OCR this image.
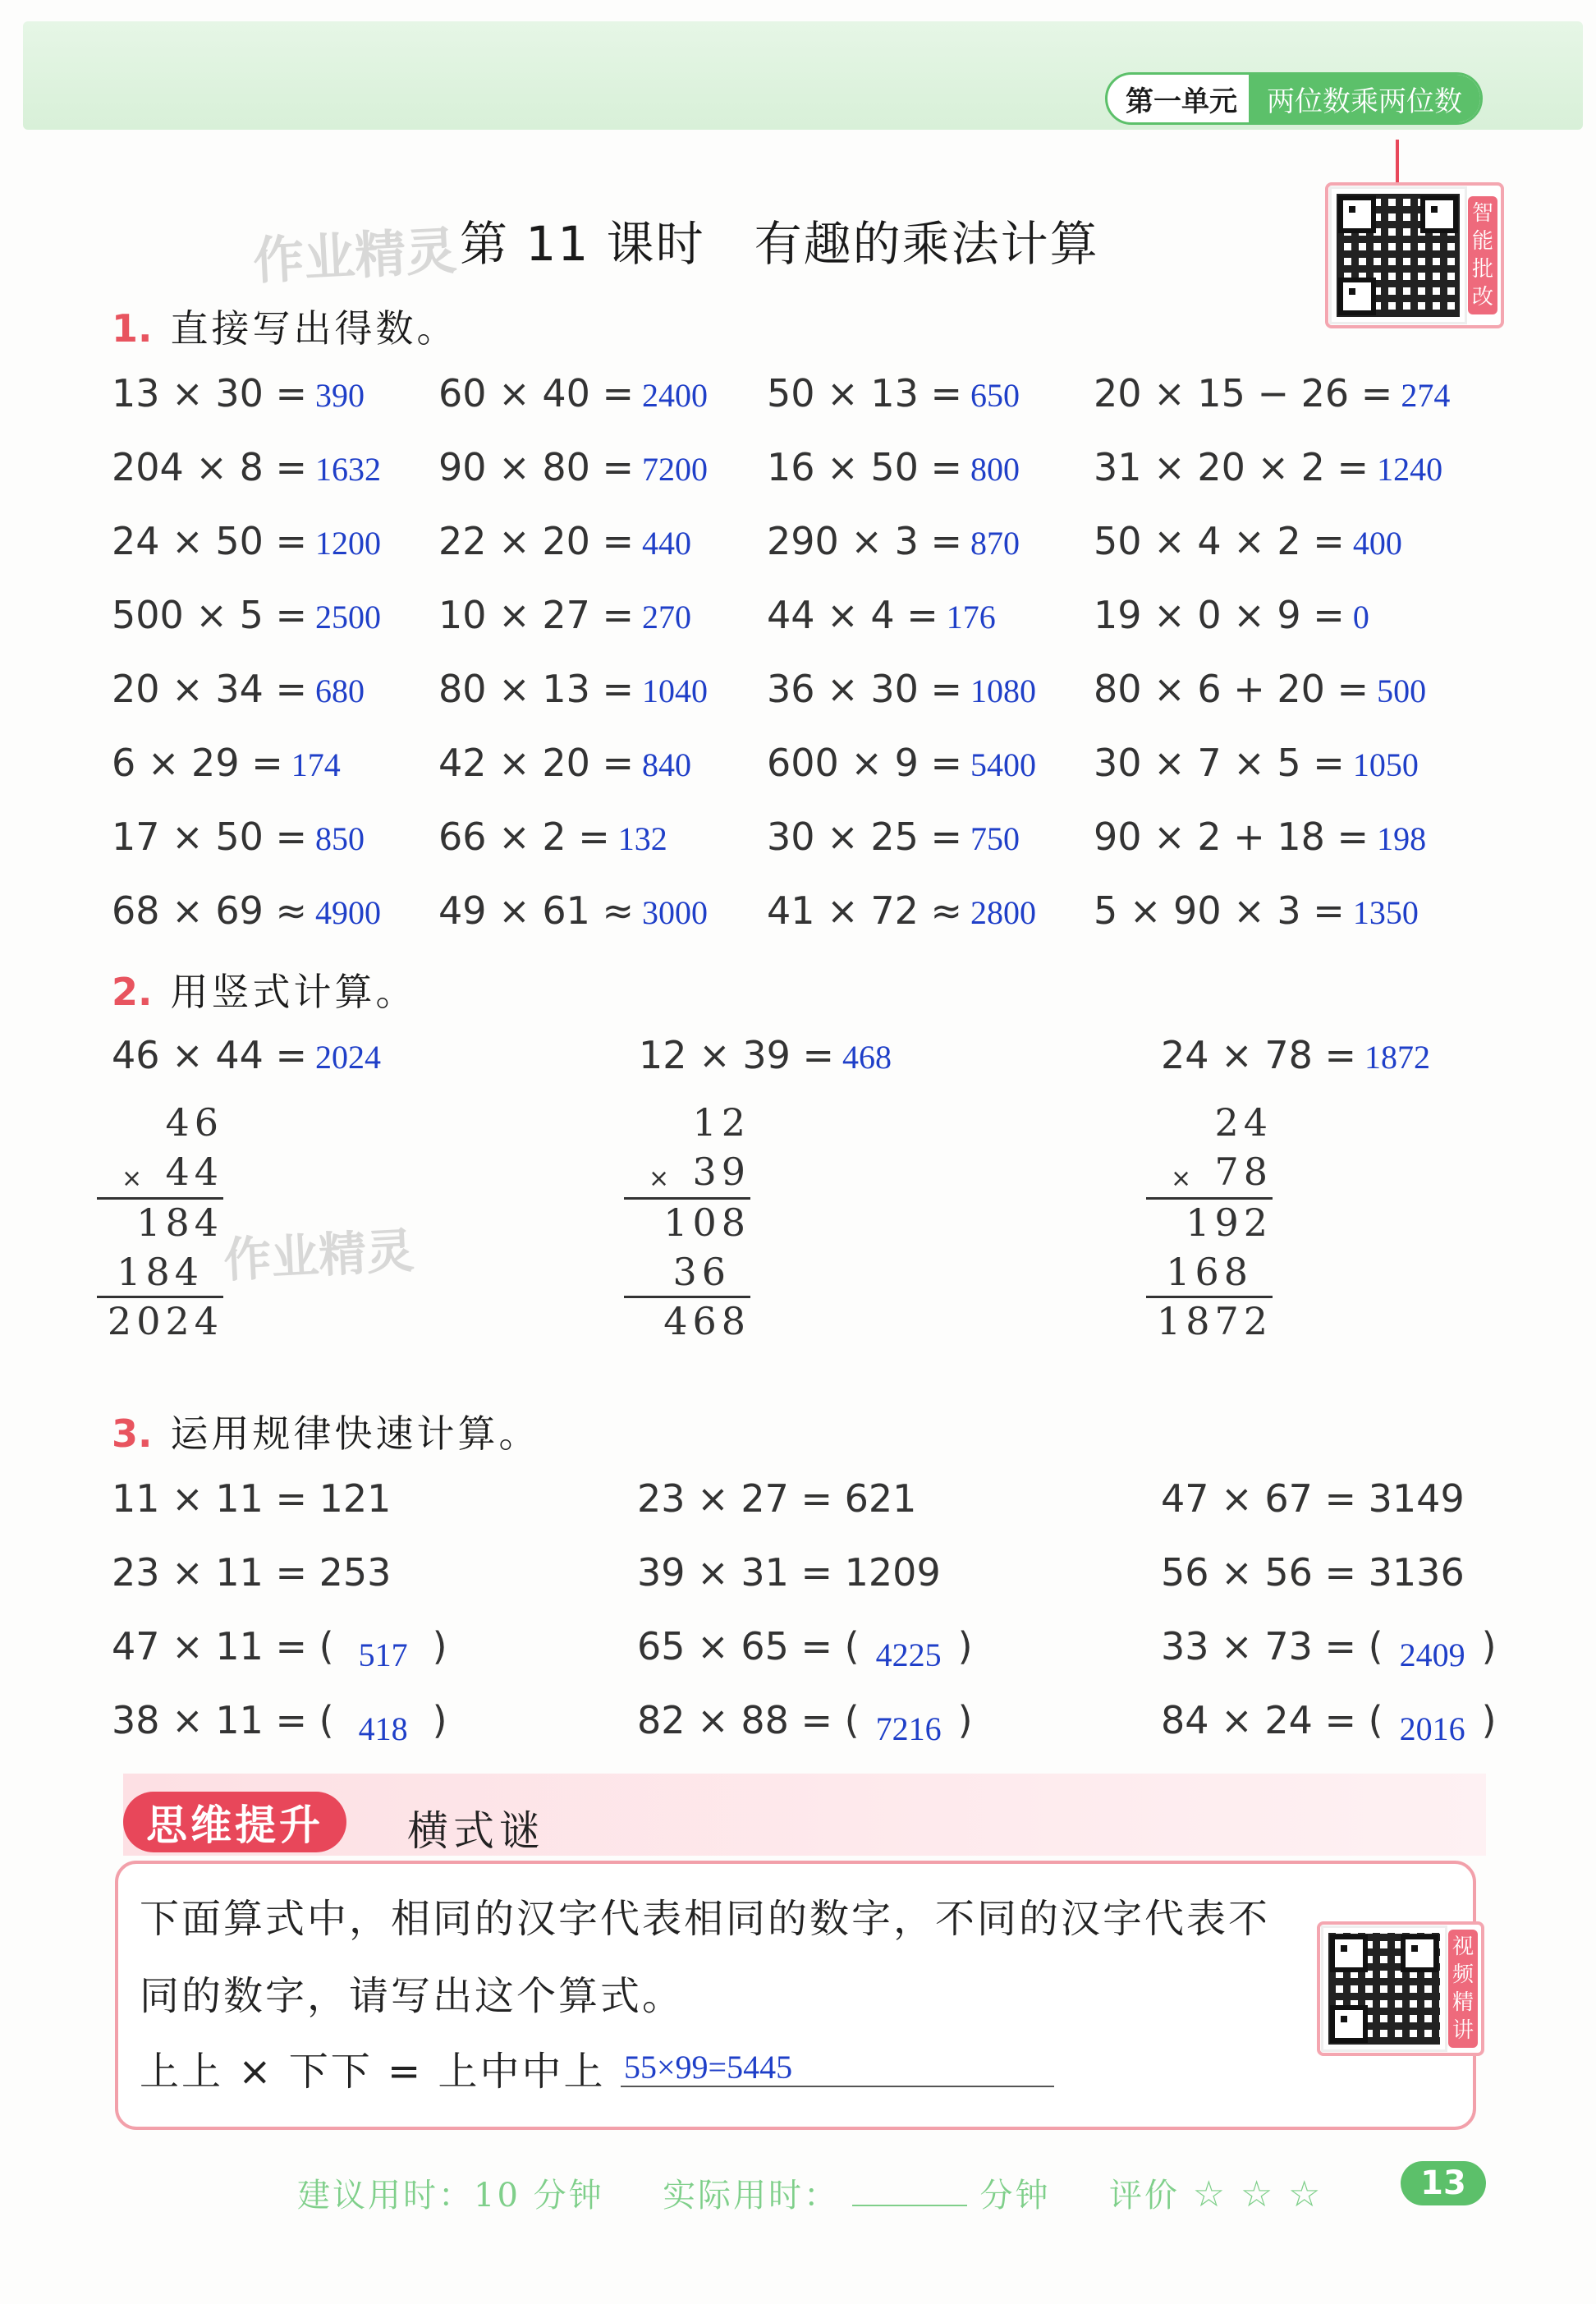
第一单元	两位数乘两位数
作业精灵 第 11 课时　有趣的乘法计算
智能批改
1. 直接写出得数。
13 × 30 = 390 60 × 40 = 2400 50 × 13 = 650 20 × 15 − 26 = 274
204 × 8 = 1632 90 × 80 = 7200 16 × 50 = 800 31 × 20 × 2 = 1240
24 × 50 = 1200 22 × 20 = 440 290 × 3 = 870 50 × 4 × 2 = 400
500 × 5 = 2500 10 × 27 = 270 44 × 4 = 176	19 × 0 × 9 = 0
20 × 34 = 680 80 × 13 = 1040 36 × 30 = 1080 80 × 6 + 20 = 500
6 × 29 = 174	42 × 20 = 840 600 × 9 = 5400 30 × 7 × 5 = 1050
17 × 50 = 850 66 × 2 = 132	30 × 25 = 750 90 × 2 + 18 = 198
68 × 69 ≈ 4900 49 × 61 ≈ 3000 41 × 72 ≈ 2800 5 × 90 × 3 = 1350
2. 用竖式计算。
46 × 44 = 2024
46
44
184
184
2024
×
12 × 39 = 468
12
39
108
36
468
×
24 × 78 = 1872
24
78
192
168
1872
×
作业精灵
3. 运用规律快速计算。
11 × 11 = 121	23 × 27 = 621	47 × 67 = 3149
23 × 11 = 253	39 × 31 = 1209	56 × 56 = 3136
47 × 11 = ( 517 )	65 × 65 = ( 4225 )	33 × 73 = ( 2409 )
38 × 11 = ( 418 )	82 × 88 = ( 7216 )	84 × 24 = ( 2016 )
思维提升	横式谜
下面算式中，相同的汉字代表相同的数字，不同的汉字代表不
同的数字，请写出这个算式。
上上 × 下下 = 上中中上 55×99=5445
视频精讲
建议用时：10 分钟 实际用时：	分钟 评价 ☆ ☆ ☆	13
